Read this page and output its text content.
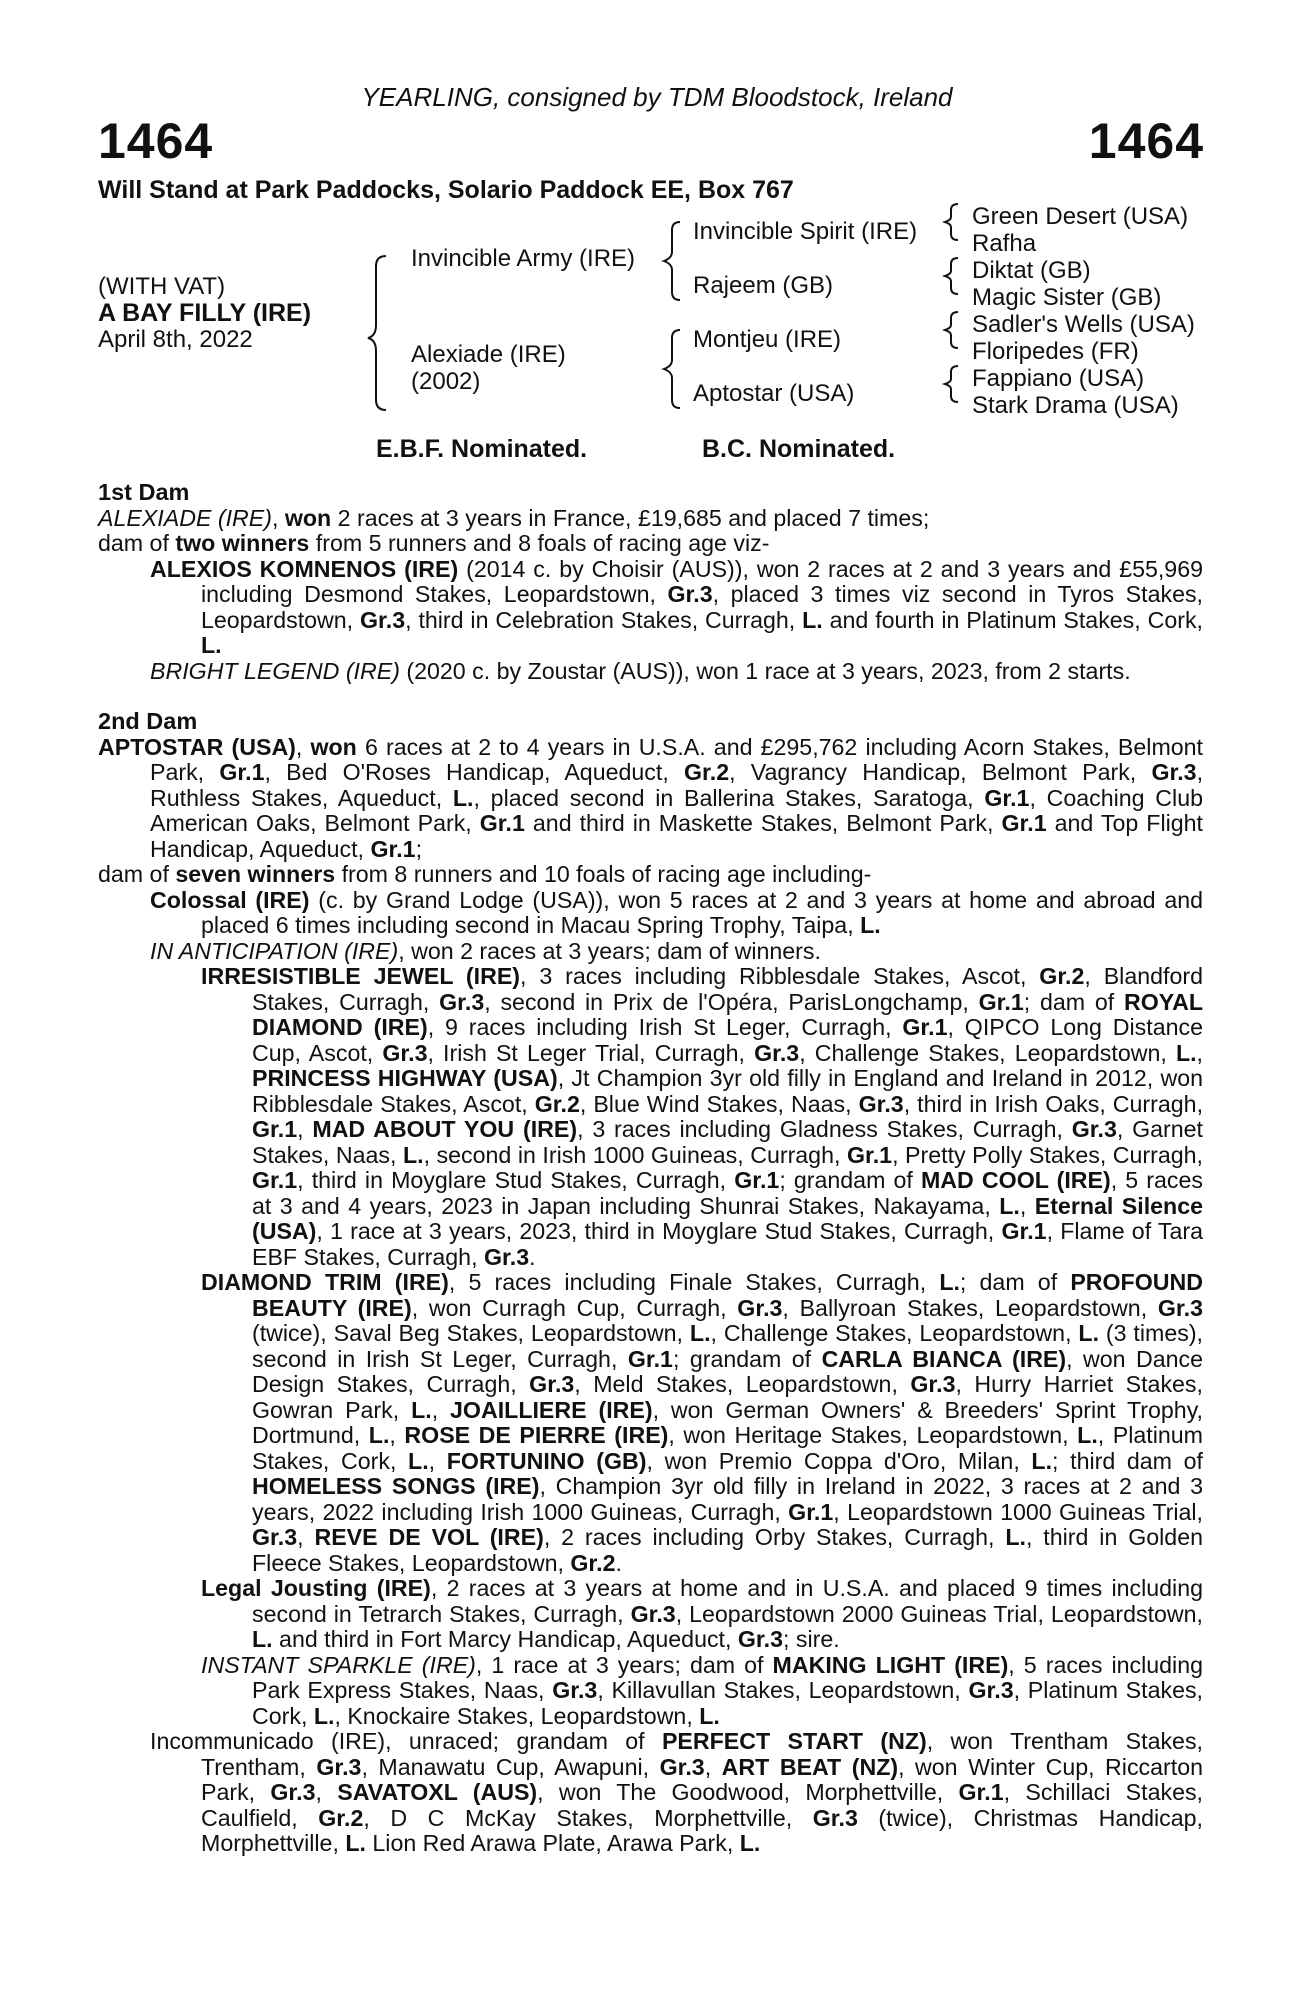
YEARLING, consigned by TDM Bloodstock, Ireland
1464	1464
Will Stand at Park Paddocks, Solario Paddock EE, Box 767
(WITH VAT)
A BAY FILLY (IRE)
April 8th, 2022
Invincible Army (IRE)
Alexiade (IRE)
(2002)
Invincible Spirit (IRE)
Rajeem (GB)
Montjeu (IRE)
Aptostar (USA)
Green Desert (USA)
Rafha
Diktat (GB)
Magic Sister (GB)
Sadler's Wells (USA)
Floripedes (FR)
Fappiano (USA)
Stark Drama (USA)
E.B.F. Nominated.	B.C. Nominated.
1st Dam
ALEXIADE (IRE), won 2 races at 3 years in France, £19,685 and placed 7 times;
dam of two winners from 5 runners and 8 foals of racing age viz-
ALEXIOS KOMNENOS (IRE) (2014 c. by Choisir (AUS)), won 2 races at 2 and 3 years and £55,969 including Desmond Stakes, Leopardstown, Gr.3, placed 3 times viz second in Tyros Stakes, Leopardstown, Gr.3, third in Celebration Stakes, Curragh, L. and fourth in Platinum Stakes, Cork, L.
BRIGHT LEGEND (IRE) (2020 c. by Zoustar (AUS)), won 1 race at 3 years, 2023, from 2 starts.
2nd Dam
APTOSTAR (USA), won 6 races at 2 to 4 years in U.S.A. and £295,762 including Acorn Stakes, Belmont Park, Gr.1, Bed O'Roses Handicap, Aqueduct, Gr.2, Vagrancy Handicap, Belmont Park, Gr.3, Ruthless Stakes, Aqueduct, L., placed second in Ballerina Stakes, Saratoga, Gr.1, Coaching Club American Oaks, Belmont Park, Gr.1 and third in Maskette Stakes, Belmont Park, Gr.1 and Top Flight Handicap, Aqueduct, Gr.1;
dam of seven winners from 8 runners and 10 foals of racing age including-
Colossal (IRE) (c. by Grand Lodge (USA)), won 5 races at 2 and 3 years at home and abroad and placed 6 times including second in Macau Spring Trophy, Taipa, L.
IN ANTICIPATION (IRE), won 2 races at 3 years; dam of winners.
IRRESISTIBLE JEWEL (IRE), 3 races including Ribblesdale Stakes, Ascot, Gr.2, Blandford Stakes, Curragh, Gr.3, second in Prix de l'Opéra, ParisLongchamp, Gr.1; dam of ROYAL DIAMOND (IRE), 9 races including Irish St Leger, Curragh, Gr.1, QIPCO Long Distance Cup, Ascot, Gr.3, Irish St Leger Trial, Curragh, Gr.3, Challenge Stakes, Leopardstown, L., PRINCESS HIGHWAY (USA), Jt Champion 3yr old filly in England and Ireland in 2012, won Ribblesdale Stakes, Ascot, Gr.2, Blue Wind Stakes, Naas, Gr.3, third in Irish Oaks, Curragh, Gr.1, MAD ABOUT YOU (IRE), 3 races including Gladness Stakes, Curragh, Gr.3, Garnet Stakes, Naas, L., second in Irish 1000 Guineas, Curragh, Gr.1, Pretty Polly Stakes, Curragh, Gr.1, third in Moyglare Stud Stakes, Curragh, Gr.1; grandam of MAD COOL (IRE), 5 races at 3 and 4 years, 2023 in Japan including Shunrai Stakes, Nakayama, L., Eternal Silence (USA), 1 race at 3 years, 2023, third in Moyglare Stud Stakes, Curragh, Gr.1, Flame of Tara EBF Stakes, Curragh, Gr.3.
DIAMOND TRIM (IRE), 5 races including Finale Stakes, Curragh, L.; dam of PROFOUND BEAUTY (IRE), won Curragh Cup, Curragh, Gr.3, Ballyroan Stakes, Leopardstown, Gr.3 (twice), Saval Beg Stakes, Leopardstown, L., Challenge Stakes, Leopardstown, L. (3 times), second in Irish St Leger, Curragh, Gr.1; grandam of CARLA BIANCA (IRE), won Dance Design Stakes, Curragh, Gr.3, Meld Stakes, Leopardstown, Gr.3, Hurry Harriet Stakes, Gowran Park, L., JOAILLIERE (IRE), won German Owners' & Breeders' Sprint Trophy, Dortmund, L., ROSE DE PIERRE (IRE), won Heritage Stakes, Leopardstown, L., Platinum Stakes, Cork, L., FORTUNINO (GB), won Premio Coppa d'Oro, Milan, L.; third dam of HOMELESS SONGS (IRE), Champion 3yr old filly in Ireland in 2022, 3 races at 2 and 3 years, 2022 including Irish 1000 Guineas, Curragh, Gr.1, Leopardstown 1000 Guineas Trial, Gr.3, REVE DE VOL (IRE), 2 races including Orby Stakes, Curragh, L., third in Golden Fleece Stakes, Leopardstown, Gr.2.
Legal Jousting (IRE), 2 races at 3 years at home and in U.S.A. and placed 9 times including second in Tetrarch Stakes, Curragh, Gr.3, Leopardstown 2000 Guineas Trial, Leopardstown, L. and third in Fort Marcy Handicap, Aqueduct, Gr.3; sire.
INSTANT SPARKLE (IRE), 1 race at 3 years; dam of MAKING LIGHT (IRE), 5 races including Park Express Stakes, Naas, Gr.3, Killavullan Stakes, Leopardstown, Gr.3, Platinum Stakes, Cork, L., Knockaire Stakes, Leopardstown, L.
Incommunicado (IRE), unraced; grandam of PERFECT START (NZ), won Trentham Stakes, Trentham, Gr.3, Manawatu Cup, Awapuni, Gr.3, ART BEAT (NZ), won Winter Cup, Riccarton Park, Gr.3, SAVATOXL (AUS), won The Goodwood, Morphettville, Gr.1, Schillaci Stakes, Caulfield, Gr.2, D C McKay Stakes, Morphettville, Gr.3 (twice), Christmas Handicap, Morphettville, L. Lion Red Arawa Plate, Arawa Park, L.
